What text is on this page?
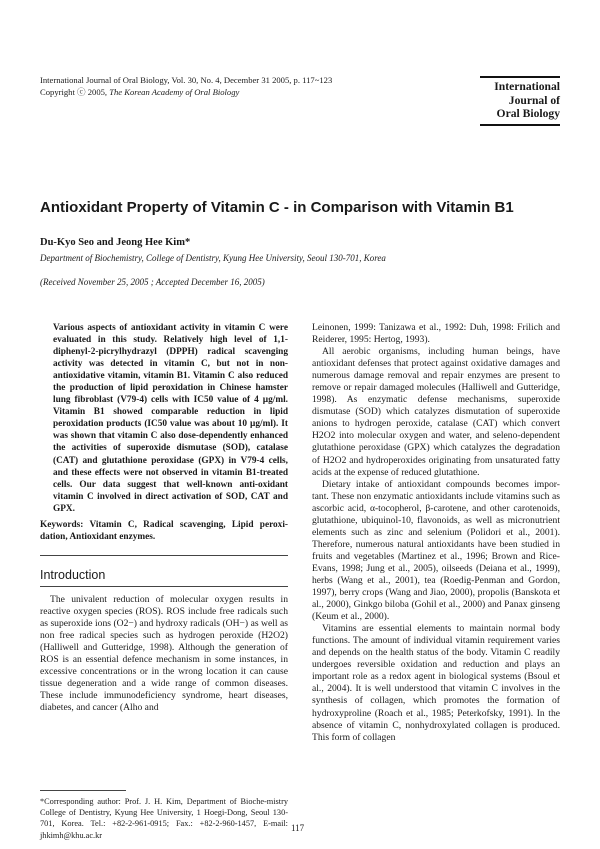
International Journal of Oral Biology, Vol. 30, No. 4, December 31 2005, p. 117~123
Copyright ⓒ 2005, The Korean Academy of Oral Biology	International
Journal of
Oral Biology
Antioxidant Property of Vitamin C - in Comparison with Vitamin B1
Du-Kyo Seo and Jeong Hee Kim*
Department of Biochemistry, College of Dentistry, Kyung Hee University, Seoul 130-701, Korea
(Received November 25, 2005 ; Accepted December 16, 2005)
Various aspects of antioxidant activity in vitamin C were evaluated in this study. Relatively high level of 1,1-diphenyl-2-picrylhydrazyl (DPPH) radical scavenging activity was detected in vitamin C, but not in non-antioxidative vitamin, vitamin B1. Vitamin C also reduced the production of lipid peroxidation in Chinese hamster lung fibroblast (V79-4) cells with IC50 value of 4 µg/ml. Vitamin B1 showed comparable reduction in lipid peroxidation products (IC50 value was about 10 µg/ml). It was shown that vitamin C also dose-dependently enhanced the activities of superoxide dismutase (SOD), catalase (CAT) and glutathione peroxidase (GPX) in V79-4 cells, and these effects were not observed in vitamin B1-treated cells. Our data suggest that well-known anti-oxidant vitamin C involved in direct activation of SOD, CAT and GPX.
Keywords: Vitamin C, Radical scavenging, Lipid peroxi-dation, Antioxidant enzymes.
Introduction

The univalent reduction of molecular oxygen results in reactive oxygen species (ROS). ROS include free radicals such as superoxide ions (O2−) and hydroxy radicals (OH−) as well as non free radical species such as hydrogen peroxide (H2O2) (Halliwell and Gutteridge, 1998). Although the generation of ROS is an essential defence mechanism in some instances, in excessive concentrations or in the wrong location it can cause tissue degeneration and a wide range of common diseases. These include immunodeficiency syndrome, heart diseases, diabetes, and cancer (Alho and

*Corresponding author: Prof. J. H. Kim, Department of Bioche-mistry College of Dentistry, Kyung Hee University, 1 Hoegi-Dong, Seoul 130-701, Korea. Tel.: +82-2-961-0915; Fax.: +82-2-960-1457, E-mail: jhkimh@khu.ac.kr

Leinonen, 1999: Tanizawa et al., 1992: Duh, 1998: Frilich and Reiderer, 1995: Hertog, 1993).

All aerobic organisms, including human beings, have antioxidant defenses that protect against oxidative damages and numerous damage removal and repair enzymes are present to remove or repair damaged molecules (Halliwell and Gutteridge, 1998). As enzymatic defense mechanisms, superoxide dismutase (SOD) which catalyzes dismutation of superoxide anions to hydrogen peroxide, catalase (CAT) which convert H2O2 into molecular oxygen and water, and seleno-dependent glutathione peroxidase (GPX) which catalyzes the degradation of H2O2 and hydroperoxides originating from unsaturated fatty acids at the expense of reduced glutathione.

Dietary intake of antioxidant compounds becomes impor-tant. These non enzymatic antioxidants include vitamins such as ascorbic acid, α-tocopherol, β-carotene, and other carotenoids, glutathione, ubiquinol-10, flavonoids, as well as micronutrient elements such as zinc and selenium (Polidori et al., 2001). Therefore, numerous natural antioxidants have been studied in fruits and vegetables (Martinez et al., 1996; Brown and Rice-Evans, 1998; Jung et al., 2005), oilseeds (Deiana et al., 1999), herbs (Wang et al., 2001), tea (Roedig-Penman and Gordon, 1997), berry crops (Wang and Jiao, 2000), propolis (Banskota et al., 2000), Ginkgo biloba (Gohil et al., 2000) and Panax ginseng (Keum et al., 2000).

Vitamins are essential elements to maintain normal body functions. The amount of individual vitamin requirement varies and depends on the health status of the body. Vitamin C readily undergoes reversible oxidation and reduction and plays an important role as a redox agent in biological systems (Bsoul et al., 2004). It is well understood that vitamin C involves in the synthesis of collagen, which promotes the formation of hydroxyproline (Roach et al., 1985; Peterkofsky, 1991). In the absence of vitamin C, nonhydroxylated collagen is produced. This form of collagen

117
